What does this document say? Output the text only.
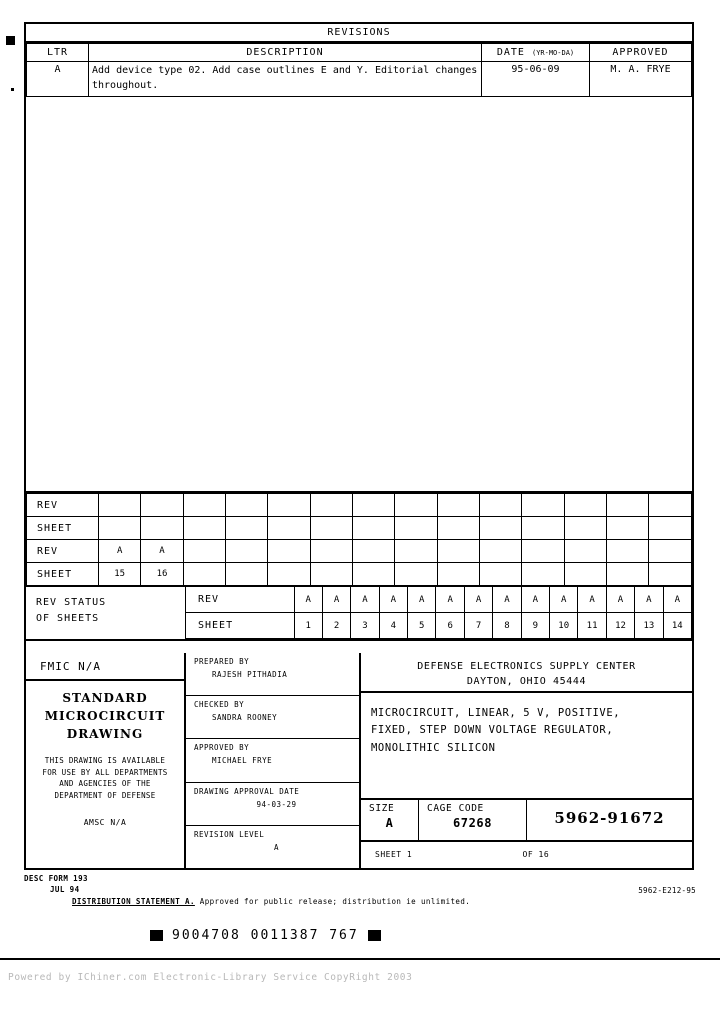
REVISIONS
LTR	DESCRIPTION	DATE (YR-MO-DA)	APPROVED
A	Add device type 02. Add case outlines E and Y. Editorial changes throughout.	95-06-09	M. A. FRYE
REV														
SHEET														
REV	A	A												
SHEET	15	16												
REV STATUS
OF SHEETS
REV	A	A	A	A	A	A	A	A	A	A	A	A	A	A
SHEET	1	2	3	4	5	6	7	8	9	10	11	12	13	14
FMIC N/A
STANDARD
MICROCIRCUIT
DRAWING
THIS DRAWING IS AVAILABLE
FOR USE BY ALL DEPARTMENTS
AND AGENCIES OF THE
DEPARTMENT OF DEFENSE
AMSC N/A
PREPARED BY
RAJESH PITHADIA
CHECKED BY
SANDRA ROONEY
APPROVED BY
MICHAEL FRYE
DRAWING APPROVAL DATE
94-03-29
REVISION LEVEL
A
DEFENSE ELECTRONICS SUPPLY CENTER
DAYTON, OHIO 45444
MICROCIRCUIT, LINEAR, 5 V, POSITIVE,
FIXED, STEP DOWN VOLTAGE REGULATOR,
MONOLITHIC SILICON
SIZE
A
CAGE CODE
67268	5962-91672
SHEET 1	OF 16
DESC FORM 193
JUL 94
DISTRIBUTION STATEMENT A. Approved for public release; distribution ie unlimited.
5962-E212-95
9004708 0011387 767
Powered by IChiner.com Electronic-Library Service CopyRight 2003
